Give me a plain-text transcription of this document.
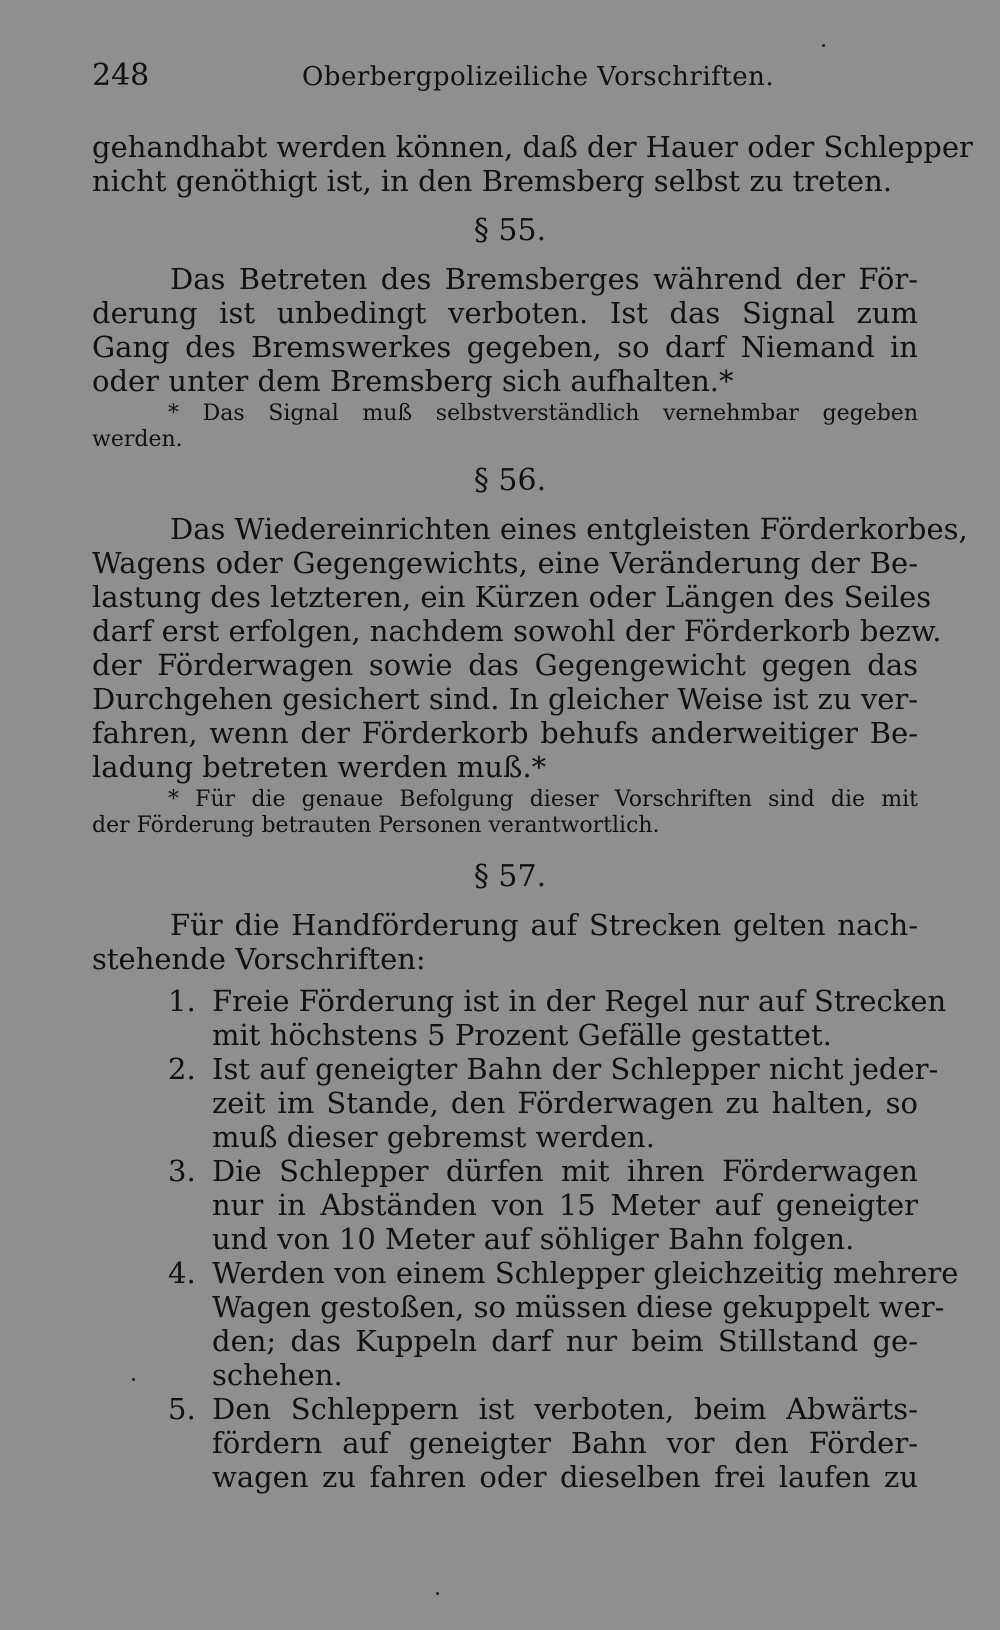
248	Oberbergpolizeiliche Vorschriften.
gehandhabt werden können, daß der Hauer oder Schlepper
nicht genöthigt ist, in den Bremsberg selbst zu treten.
§ 55.
Das Betreten des Bremsberges während der För-
derung ist unbedingt verboten. Ist das Signal zum
Gang des Bremswerkes gegeben, so darf Niemand in
oder unter dem Bremsberg sich aufhalten.*
* Das Signal muß selbstverständlich vernehmbar gegeben
werden.
§ 56.
Das Wiedereinrichten eines entgleisten Förderkorbes,
Wagens oder Gegengewichts, eine Veränderung der Be-
lastung des letzteren, ein Kürzen oder Längen des Seiles
darf erst erfolgen, nachdem sowohl der Förderkorb bezw.
der Förderwagen sowie das Gegengewicht gegen das
Durchgehen gesichert sind. In gleicher Weise ist zu ver-
fahren, wenn der Förderkorb behufs anderweitiger Be-
ladung betreten werden muß.*
* Für die genaue Befolgung dieser Vorschriften sind die mit
der Förderung betrauten Personen verantwortlich.
§ 57.
Für die Handförderung auf Strecken gelten nach-
stehende Vorschriften:
1. Freie Förderung ist in der Regel nur auf Strecken
mit höchstens 5 Prozent Gefälle gestattet.
2. Ist auf geneigter Bahn der Schlepper nicht jeder-
zeit im Stande, den Förderwagen zu halten, so
muß dieser gebremst werden.
3. Die Schlepper dürfen mit ihren Förderwagen
nur in Abständen von 15 Meter auf geneigter
und von 10 Meter auf söhliger Bahn folgen.
4. Werden von einem Schlepper gleichzeitig mehrere
Wagen gestoßen, so müssen diese gekuppelt wer-
den; das Kuppeln darf nur beim Stillstand ge-
schehen.
5. Den Schleppern ist verboten, beim Abwärts-
fördern auf geneigter Bahn vor den Förder-
wagen zu fahren oder dieselben frei laufen zu
